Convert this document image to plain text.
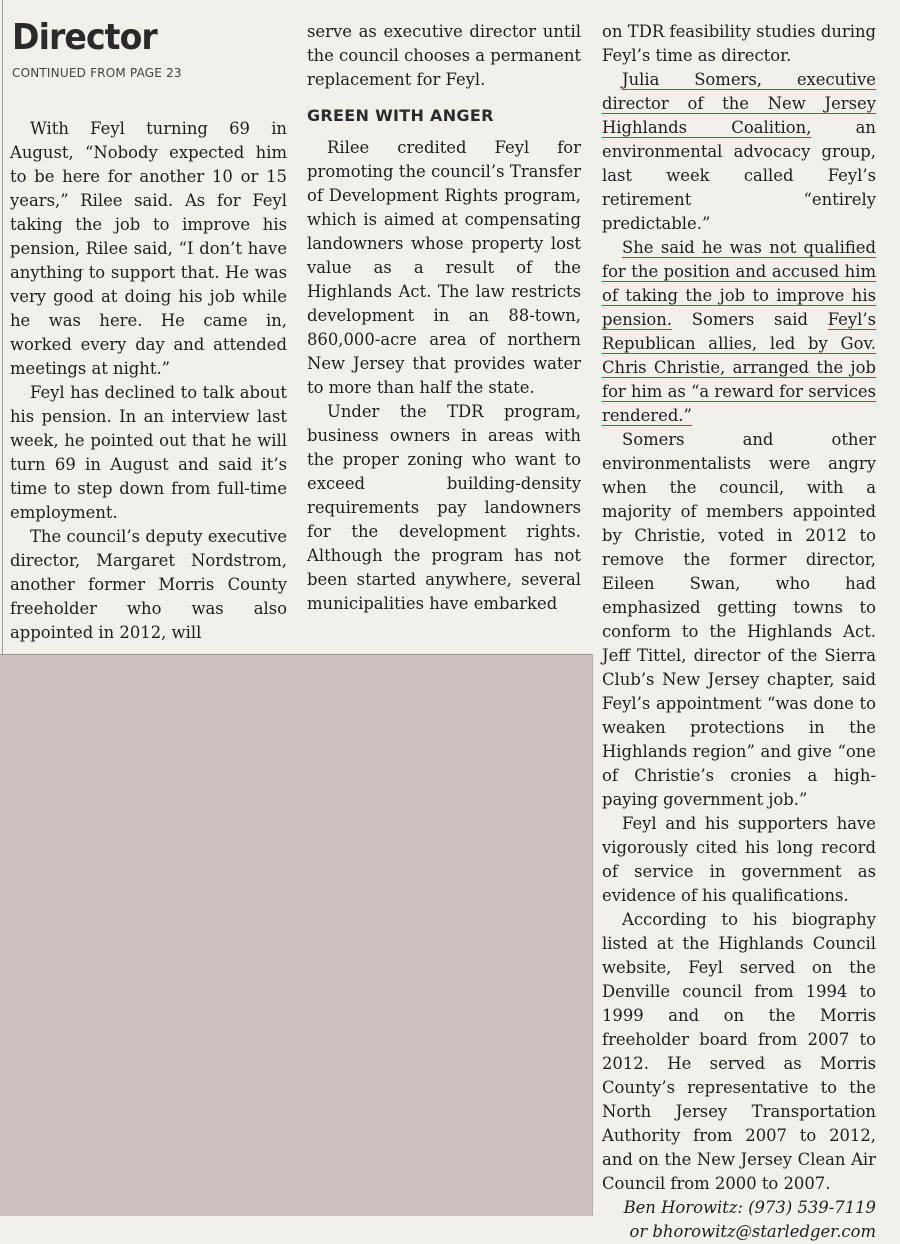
Director
CONTINUED FROM PAGE 23

With Feyl turning 69 in August, “Nobody expected him to be here for another 10 or 15 years,” Rilee said. As for Feyl taking the job to improve his pension, Rilee said, “I don’t have anything to support that. He was very good at doing his job while he was here. He came in, worked every day and attended meetings at night.”

Feyl has declined to talk about his pension. In an interview last week, he pointed out that he will turn 69 in August and said it’s time to step down from full-time employment.

The council’s deputy executive director, Margaret Nordstrom, another former Morris County freeholder who was also appointed in 2012, will

serve as executive director until the council chooses a permanent replacement for Feyl.

GREEN WITH ANGER

Rilee credited Feyl for promoting the council’s Transfer of Development Rights program, which is aimed at compensating landowners whose property lost value as a result of the Highlands Act. The law restricts development in an 88-town, 860,000-acre area of northern New Jersey that provides water to more than half the state.

Under the TDR program, business owners in areas with the proper zoning who want to exceed building-density requirements pay landowners for the development rights. Although the program has not been started anywhere, several municipalities have embarked

on TDR feasibility studies during Feyl’s time as director.

Julia Somers, executive director of the New Jersey Highlands Coalition, an environmental advocacy group, last week called Feyl’s retirement “entirely predictable.”

She said he was not qualified for the position and accused him of taking the job to improve his pension. Somers said Feyl’s Republican allies, led by Gov. Chris Christie, arranged the job for him as “a reward for services rendered.”

Somers and other environmentalists were angry when the council, with a majority of members appointed by Christie, voted in 2012 to remove the former director, Eileen Swan, who had emphasized getting towns to conform to the Highlands Act. Jeff Tittel, director of the Sierra Club’s New Jersey chapter, said Feyl’s appointment “was done to weaken protections in the Highlands region” and give “one of Christie’s cronies a high-paying government job.”

Feyl and his supporters have vigorously cited his long record of service in government as evidence of his qualifications.

According to his biography listed at the Highlands Council website, Feyl served on the Denville council from 1994 to 1999 and on the Morris freeholder board from 2007 to 2012. He served as Morris County’s representative to the North Jersey Transportation Authority from 2007 to 2012, and on the New Jersey Clean Air Council from 2000 to 2007.

Ben Horowitz: (973) 539-7119
or bhorowitz@starledger.com
